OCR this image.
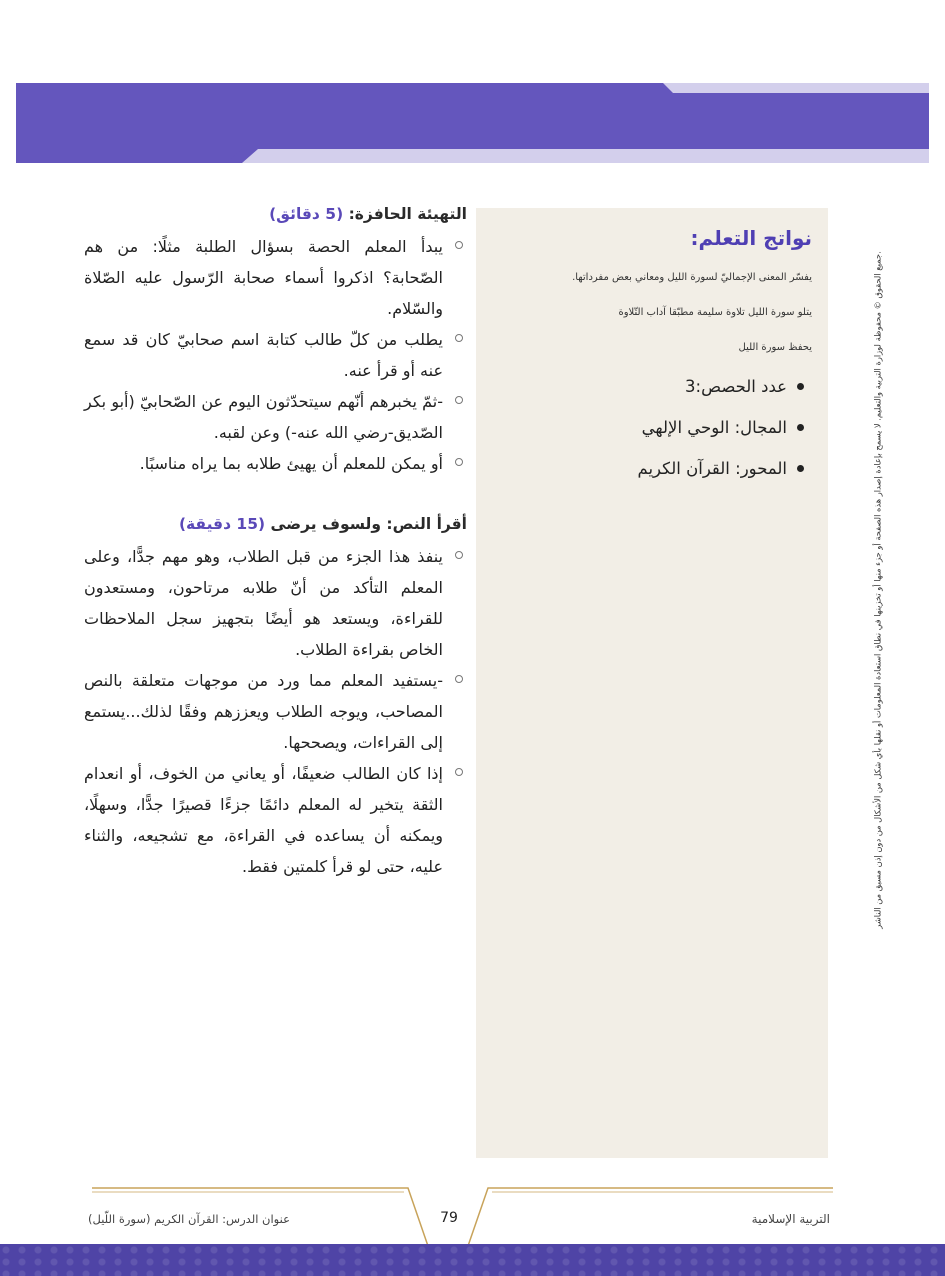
جميع الحقوق © محفوظة لوزارة التربية والتعليم. لا يسمح بإعادة إصدار هذه الصفحة أو جزء منها أو تخزينها في نطاق استعادة المعلومات أو نقلها بأي شكل من الأشكال من دون إذن مسبق من الناشر.
نواتج التعلم:
يفسّر المعنى الإجماليّ لسورة الليل ومعاني بعض مفرداتها.
يتلو سورة الليل تلاوة سليمة مطبّقا آداب التّلاوة
يحفظ سورة الليل
عدد الحصص:3
المجال: الوحي الإلهي
المحور: القرآن الكريم
التهيئة الحافزة: (5 دقائق)
يبدأ المعلم الحصة بسؤال الطلبة مثلًا: من هم الصّحابة؟ اذكروا أسماء صحابة الرّسول عليه الصّلاة والسّلام.
يطلب من كلّ طالب كتابة اسم صحابيّ كان قد سمع عنه أو قرأ عنه.
-ثمّ يخبرهم أنّهم سيتحدّثون اليوم عن الصّحابيّ (أبو بكر الصّديق-رضي الله عنه-) وعن لقبه.
أو يمكن للمعلم أن يهيئ طلابه بما يراه مناسبًا.
أقرأ النص: ولسوف يرضى (15 دقيقة)
ينفذ هذا الجزء من قبل الطلاب، وهو مهم جدًّا، وعلى المعلم التأكد من أنّ طلابه مرتاحون، ومستعدون للقراءة، ويستعد هو أيضًا بتجهيز سجل الملاحظات الخاص بقراءة الطلاب.
-يستفيد المعلم مما ورد من موجهات متعلقة بالنص المصاحب، ويوجه الطلاب ويعززهم وفقًا لذلك...يستمع إلى القراءات، ويصححها.
إذا كان الطالب ضعيفًا، أو يعاني من الخوف، أو انعدام الثقة يتخير له المعلم دائمًا جزءًا قصيرًا جدًّا، وسهلًا، ويمكنه أن يساعده في القراءة، مع تشجيعه، والثناء عليه، حتى لو قرأ كلمتين فقط.
التربية الإسلامية
عنوان الدرس: القرآن الكريم (سورة اللّيل)	79
